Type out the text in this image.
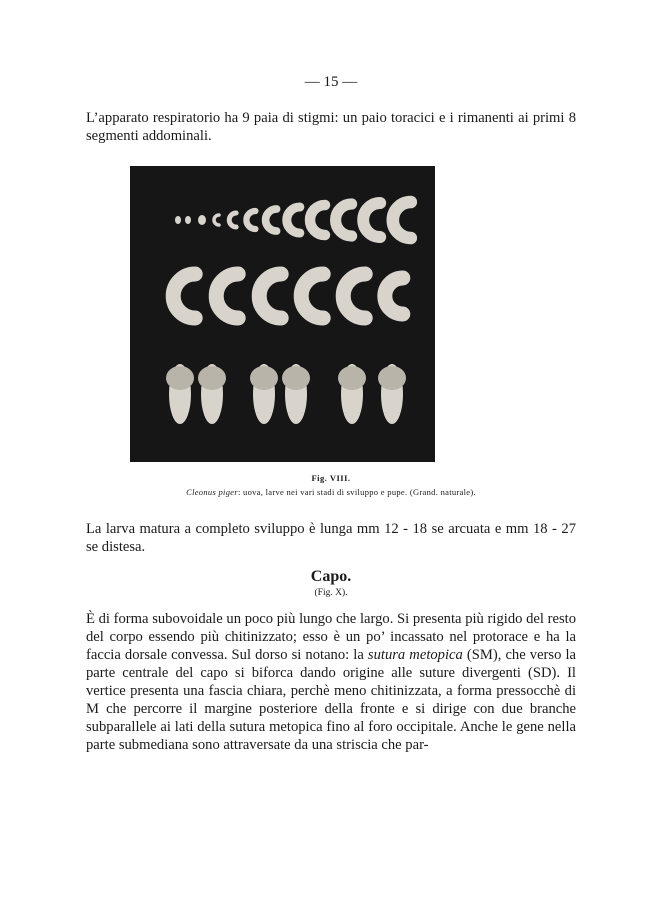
— 15 —

L’apparato respiratorio ha 9 paia di stigmi: un paio toracici e i rimanenti ai primi 8 segmenti addominali.

Fig. VIII.
Cleonus piger: uova, larve nei vari stadi di sviluppo e pupe. (Grand. naturale).

La larva matura a completo sviluppo è lunga mm 12 - 18 se arcuata e mm 18 - 27 se distesa.

Capo.
(Fig. X).

È di forma subovoidale un poco più lungo che largo. Si presenta più rigido del resto del corpo essendo più chitinizzato; esso è un po’ incassato nel protorace e ha la faccia dorsale convessa. Sul dorso si notano: la sutura metopica (SM), che verso la parte centrale del capo si biforca dando origine alle suture divergenti (SD). Il vertice presenta una fascia chiara, perchè meno chitinizzata, a forma pressocchè di M che percorre il margine posteriore della fronte e si dirige con due branche subparallele ai lati della sutura metopica fino al foro occipitale. Anche le gene nella parte submediana sono attraversate da una striscia che par-
